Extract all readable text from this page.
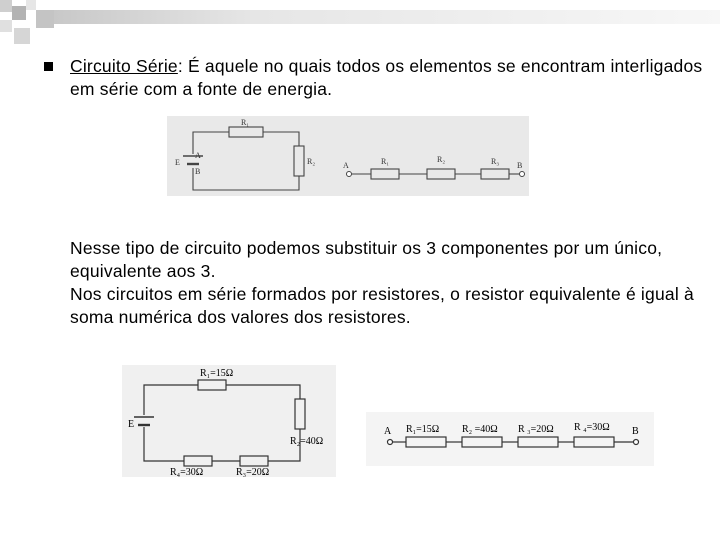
Circuito Série: É aquele no quais todos os elementos se encontram interligados em série com a fonte de energia.
R₁
R₂
E
A
B
A	B
R₁	R₂	R₃
Nesse tipo de circuito podemos substituir os 3 componentes por um único, equivalente aos 3.
Nos circuitos em série formados por resistores, o resistor equivalente é igual à soma numérica dos valores dos resistores.
R₁=15Ω
R₂=40Ω
R₃=20Ω
R₄=30Ω
E
A	B
R₁=15Ω R₂ =40Ω R ₃=20Ω R ₄=30Ω
